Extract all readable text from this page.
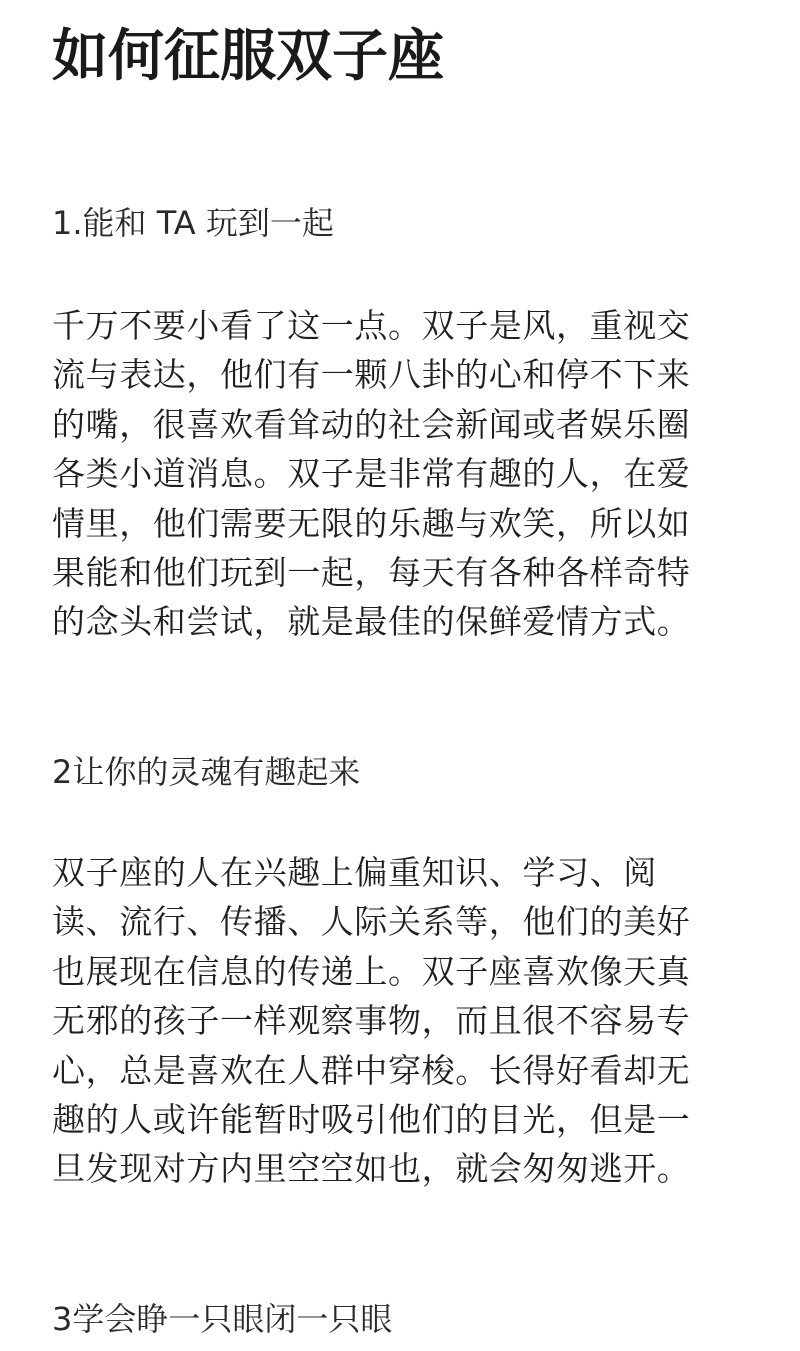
如何征服双子座
1.能和 TA 玩到一起
千万不要小看了这一点。双子是风，重视交
流与表达，他们有一颗八卦的心和停不下来
的嘴，很喜欢看耸动的社会新闻或者娱乐圈
各类小道消息。双子是非常有趣的人，在爱
情里，他们需要无限的乐趣与欢笑，所以如
果能和他们玩到一起，每天有各种各样奇特
的念头和尝试，就是最佳的保鲜爱情方式。
2让你的灵魂有趣起来
双子座的人在兴趣上偏重知识、学习、阅
读、流行、传播、人际关系等，他们的美好
也展现在信息的传递上。双子座喜欢像天真
无邪的孩子一样观察事物，而且很不容易专
心，总是喜欢在人群中穿梭。长得好看却无
趣的人或许能暂时吸引他们的目光，但是一
旦发现对方内里空空如也，就会匆匆逃开。
3学会睁一只眼闭一只眼
